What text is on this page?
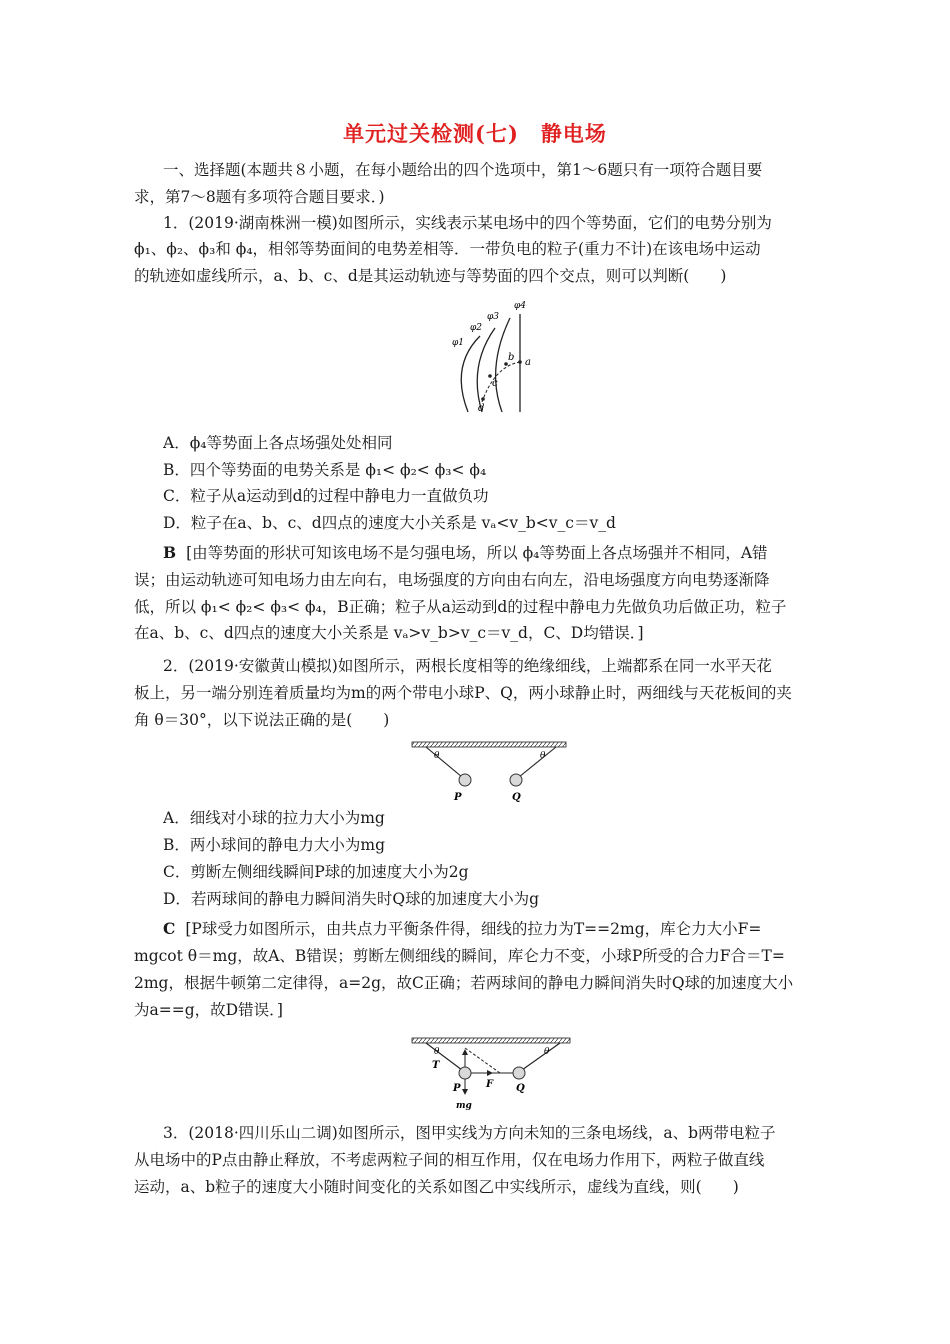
单元过关检测(七)　静电场
一、选择题(本题共８小题，在每小题给出的四个选项中，第1～6题只有一项符合题目要
求，第7～8题有多项符合题目要求．)
1．(2019·湖南株洲一模)如图所示，实线表示某电场中的四个等势面，它们的电势分别为
ϕ₁、ϕ₂、ϕ₃和 ϕ₄，相邻等势面间的电势差相等．一带负电的粒子(重力不计)在该电场中运动
的轨迹如虚线所示，a、b、c、d是其运动轨迹与等势面的四个交点，则可以判断(　　)
φ1
φ2
φ3
φ4
a
b
c
d
A．ϕ₄等势面上各点场强处处相同
B．四个等势面的电势关系是 ϕ₁< ϕ₂< ϕ₃< ϕ₄
C．粒子从a运动到d的过程中静电力一直做负功
D．粒子在a、b、c、d四点的速度大小关系是 vₐ<v_b<v_c＝v_d
B [由等势面的形状可知该电场不是匀强电场，所以 ϕ₄等势面上各点场强并不相同，A错
误；由运动轨迹可知电场力由左向右，电场强度的方向由右向左，沿电场强度方向电势逐渐降
低，所以 ϕ₁< ϕ₂< ϕ₃< ϕ₄，B正确；粒子从a运动到d的过程中静电力先做负功后做正功，粒子
在a、b、c、d四点的速度大小关系是 vₐ>v_b>v_c＝v_d，C、D均错误．]
2．(2019·安徽黄山模拟)如图所示，两根长度相等的绝缘细线，上端都系在同一水平天花
板上，另一端分别连着质量均为m的两个带电小球P、Q，两小球静止时，两细线与天花板间的夹
角 θ＝30°，以下说法正确的是(　　)
θ	θ
P	Q
A．细线对小球的拉力大小为mg
B．两小球间的静电力大小为mg
C．剪断左侧细线瞬间P球的加速度大小为2g
D．若两球间的静电力瞬间消失时Q球的加速度大小为g
C [P球受力如图所示，由共点力平衡条件得，细线的拉力为T==2mg，库仑力大小F=
mgcot θ＝mg，故A、B错误；剪断左侧细线的瞬间，库仑力不变，小球P所受的合力F合＝T=
2mg，根据牛顿第二定律得，a=2g，故C正确；若两球间的静电力瞬间消失时Q球的加速度大小
为a==g，故D错误．]
θ	θ
T
F
P	Q
mg
3．(2018·四川乐山二调)如图所示，图甲实线为方向未知的三条电场线，a、b两带电粒子
从电场中的P点由静止释放，不考虑两粒子间的相互作用，仅在电场力作用下，两粒子做直线
运动，a、b粒子的速度大小随时间变化的关系如图乙中实线所示，虚线为直线，则(　　)
